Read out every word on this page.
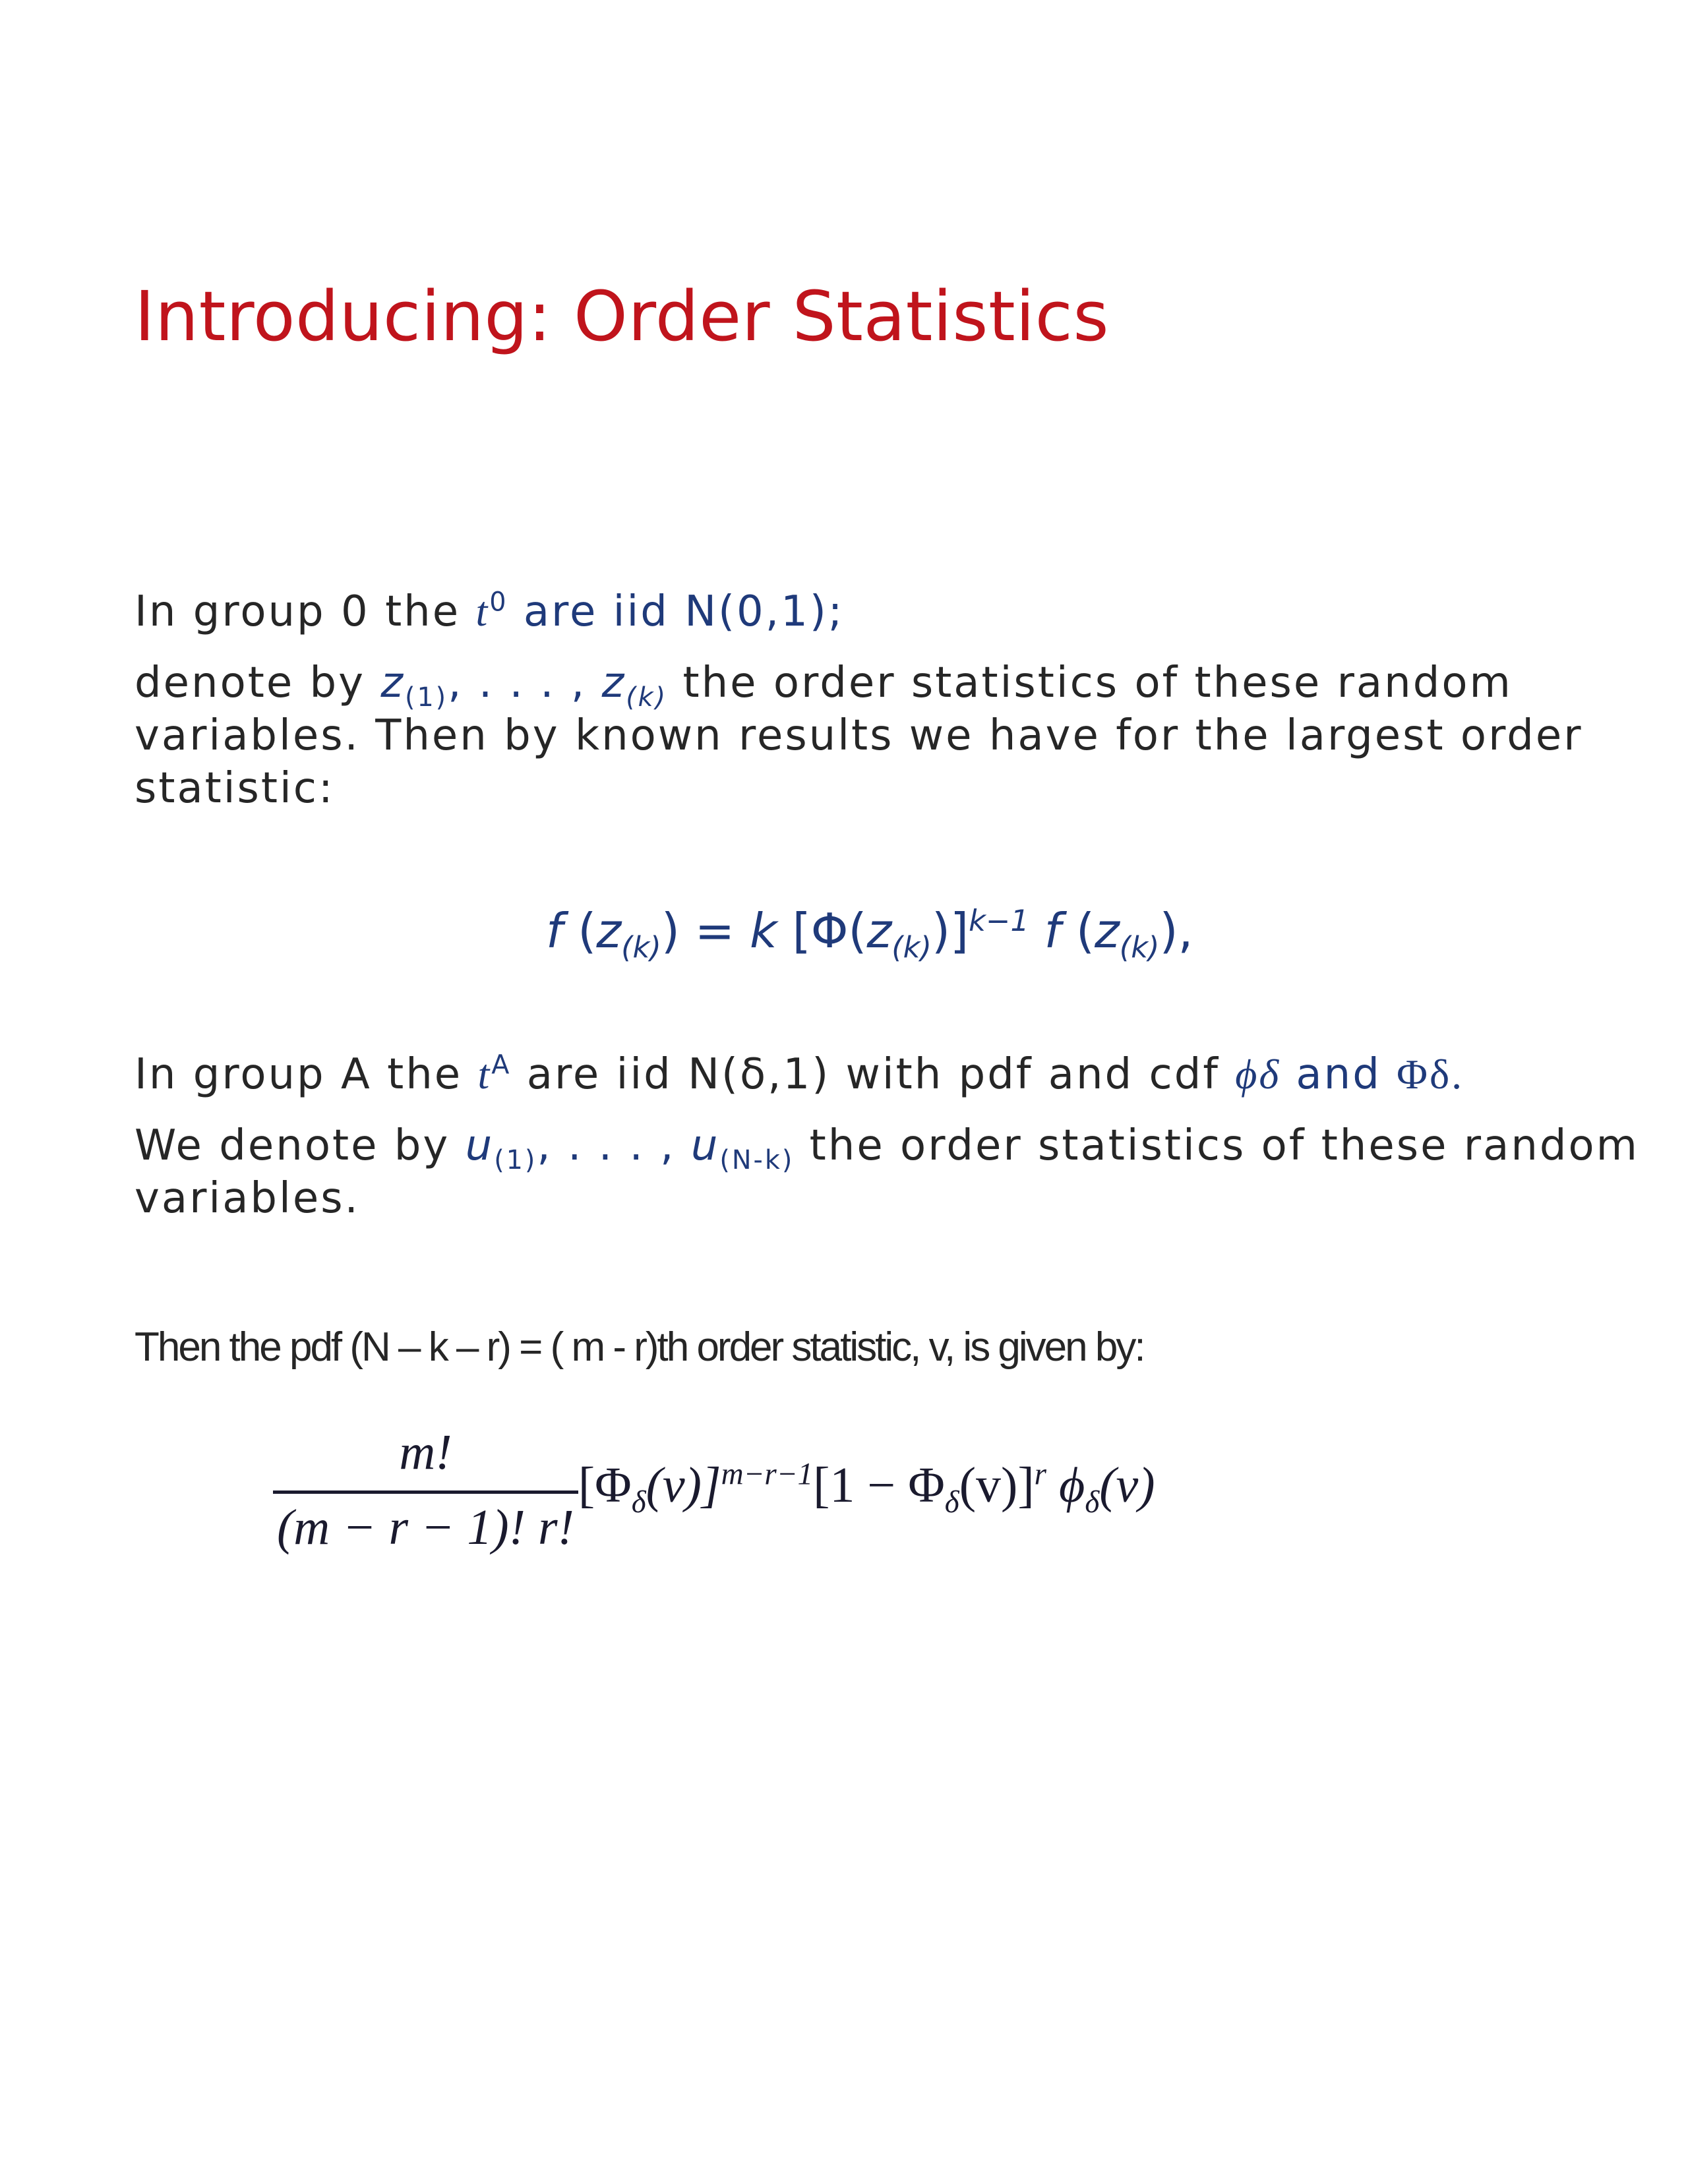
Introducing: Order Statistics
In group 0 the $t^0$ are iid N(0,1);
denote by $z_{(1)}$, . . . , $z_{(k)}$ the order statistics of these random
variables. Then by known results we have for the largest order
statistic:
f $(z_{(k)}) = k$ $[\Phi(z_{(k)})]^{k-1}$ f $(z_{(k)})$,
In group A the $t^A$ are iid N(δ,1) with pdf and cdf ϕδ and Φδ.
We denote by $u_{(1)}$, . . . , $u_{(N-k)}$ the order statistics of these random
variables.
Then the pdf (N – k – r) = ( m - r)th order statistic, v, is given by:
$\frac{m!}{(m - r - 1)! r!} [\Phi_\delta(v)]^{m-r-1}[1 - \Phi_\delta(v)]^r$ $\phi_\delta(v)$
